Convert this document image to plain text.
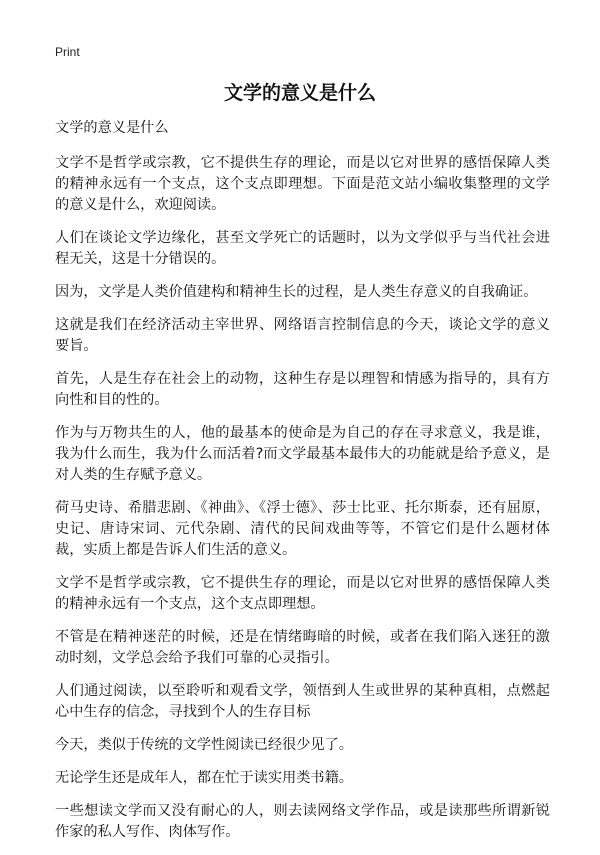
Print
文学的意义是什么

文学的意义是什么

文学不是哲学或宗教，它不提供生存的理论，而是以它对世界的感悟保障人类的精神永远有一个支点，这个支点即理想。下面是范文站小编收集整理的文学的意义是什么，欢迎阅读。

人们在谈论文学边缘化，甚至文学死亡的话题时，以为文学似乎与当代社会进程无关，这是十分错误的。

因为，文学是人类价值建构和精神生长的过程，是人类生存意义的自我确证。

这就是我们在经济活动主宰世界、网络语言控制信息的今天，谈论文学的意义要旨。

首先，人是生存在社会上的动物，这种生存是以理智和情感为指导的，具有方向性和目的性的。

作为与万物共生的人，他的最基本的使命是为自己的存在寻求意义，我是谁，我为什么而生，我为什么而活着?而文学最基本最伟大的功能就是给予意义，是对人类的生存赋予意义。

荷马史诗、希腊悲剧、《神曲》、《浮士德》、莎士比亚、托尔斯泰，还有屈原，史记、唐诗宋词、元代杂剧、清代的民间戏曲等等，不管它们是什么题材体裁，实质上都是告诉人们生活的意义。

文学不是哲学或宗教，它不提供生存的理论，而是以它对世界的感悟保障人类的精神永远有一个支点，这个支点即理想。

不管是在精神迷茫的时候，还是在情绪晦暗的时候，或者在我们陷入迷狂的激动时刻，文学总会给予我们可靠的心灵指引。

人们通过阅读，以至聆听和观看文学，领悟到人生或世界的某种真相，点燃起心中生存的信念，寻找到个人的生存目标

今天，类似于传统的文学性阅读已经很少见了。

无论学生还是成年人，都在忙于读实用类书籍。

一些想读文学而又没有耐心的人，则去读网络文学作品，或是读那些所谓新锐作家的私人写作、肉体写作。
